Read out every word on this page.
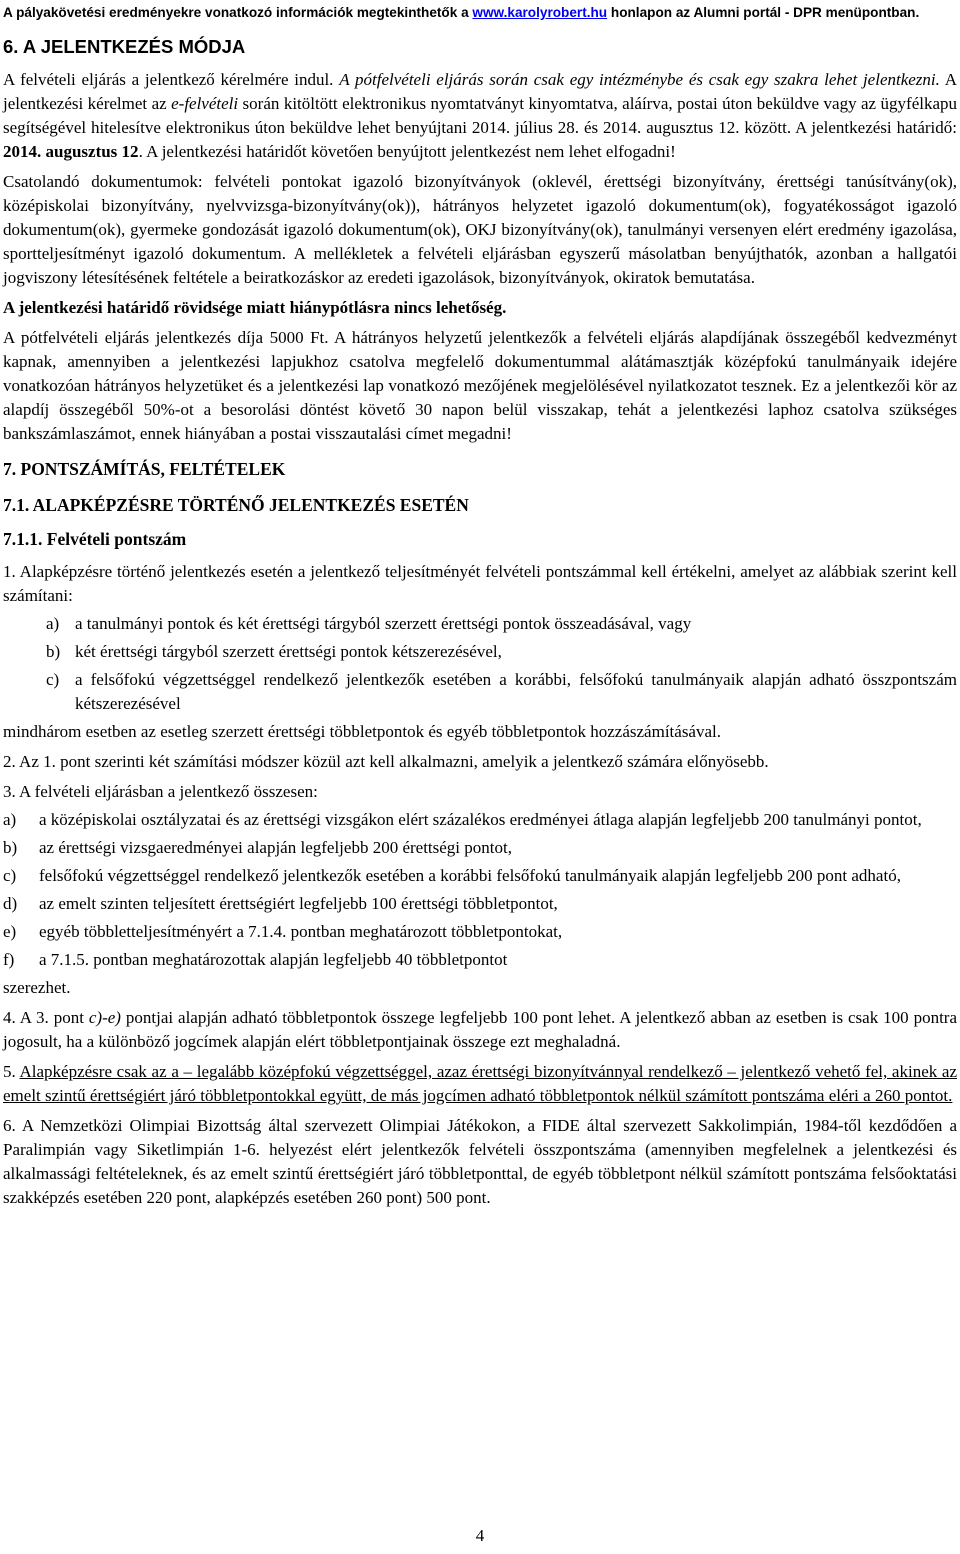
A pályakövetési eredményekre vonatkozó információk megtekinthetők a www.karolyrobert.hu honlapon az Alumni portál - DPR menüpontban.
6. A JELENTKEZÉS MÓDJA

A felvételi eljárás a jelentkező kérelmére indul. A pótfelvételi eljárás során csak egy intézménybe és csak egy szakra lehet jelentkezni. A jelentkezési kérelmet az e-felvételi során kitöltött elektronikus nyomtatványt kinyomtatva, aláírva, postai úton beküldve vagy az ügyfélkapu segítségével hitelesítve elektronikus úton beküldve lehet benyújtani 2014. július 28. és 2014. augusztus 12. között. A jelentkezési határidő: 2014. augusztus 12. A jelentkezési határidőt követően benyújtott jelentkezést nem lehet elfogadni!

Csatolandó dokumentumok: felvételi pontokat igazoló bizonyítványok (oklevél, érettségi bizonyítvány, érettségi tanúsítvány(ok), középiskolai bizonyítvány, nyelvvizsga-bizonyítvány(ok)), hátrányos helyzetet igazoló dokumentum(ok), fogyatékosságot igazoló dokumentum(ok), gyermeke gondozását igazoló dokumentum(ok), OKJ bizonyítvány(ok), tanulmányi versenyen elért eredmény igazolása, sportteljesítményt igazoló dokumentum. A mellékletek a felvételi eljárásban egyszerű másolatban benyújthatók, azonban a hallgatói jogviszony létesítésének feltétele a beiratkozáskor az eredeti igazolások, bizonyítványok, okiratok bemutatása.

A jelentkezési határidő rövidsége miatt hiánypótlásra nincs lehetőség.

A pótfelvételi eljárás jelentkezés díja 5000 Ft. A hátrányos helyzetű jelentkezők a felvételi eljárás alapdíjának összegéből kedvezményt kapnak, amennyiben a jelentkezési lapjukhoz csatolva megfelelő dokumentummal alátámasztják középfokú tanulmányaik idejére vonatkozóan hátrányos helyzetüket és a jelentkezési lap vonatkozó mezőjének megjelölésével nyilatkozatot tesznek. Ez a jelentkezői kör az alapdíj összegéből 50%-ot a besorolási döntést követő 30 napon belül visszakap, tehát a jelentkezési laphoz csatolva szükséges bankszámlaszámot, ennek hiányában a postai visszautalási címet megadni!

7. PONTSZÁMÍTÁS, FELTÉTELEK
7.1. ALAPKÉPZÉSRE TÖRTÉNŐ JELENTKEZÉS ESETÉN
7.1.1. Felvételi pontszám

1. Alapképzésre történő jelentkezés esetén a jelentkező teljesítményét felvételi pontszámmal kell értékelni, amelyet az alábbiak szerint kell számítani:

a) a tanulmányi pontok és két érettségi tárgyból szerzett érettségi pontok összeadásával, vagy
b) két érettségi tárgyból szerzett érettségi pontok kétszerezésével,
c) a felsőfokú végzettséggel rendelkező jelentkezők esetében a korábbi, felsőfokú tanulmányaik alapján adható összpontszám kétszerezésével

mindhárom esetben az esetleg szerzett érettségi többletpontok és egyéb többletpontok hozzászámításával.

2. Az 1. pont szerinti két számítási módszer közül azt kell alkalmazni, amelyik a jelentkező számára előnyösebb.

3. A felvételi eljárásban a jelentkező összesen:

a) a középiskolai osztályzatai és az érettségi vizsgákon elért százalékos eredményei átlaga alapján legfeljebb 200 tanulmányi pontot,
b) az érettségi vizsgaeredményei alapján legfeljebb 200 érettségi pontot,
c) felsőfokú végzettséggel rendelkező jelentkezők esetében a korábbi felsőfokú tanulmányaik alapján legfeljebb 200 pont adható,
d) az emelt szinten teljesített érettségiért legfeljebb 100 érettségi többletpontot,
e) egyéb többletteljesítményért a 7.1.4. pontban meghatározott többletpontokat,
f) a 7.1.5. pontban meghatározottak alapján legfeljebb 40 többletpontot

szerezhet.

4. A 3. pont c)-e) pontjai alapján adható többletpontok összege legfeljebb 100 pont lehet. A jelentkező abban az esetben is csak 100 pontra jogosult, ha a különböző jogcímek alapján elért többletpontjainak összege ezt meghaladná.

5. Alapképzésre csak az a – legalább középfokú végzettséggel, azaz érettségi bizonyítvánnyal rendelkező – jelentkező vehető fel, akinek az emelt szintű érettségiért járó többletpontokkal együtt, de más jogcímen adható többletpontok nélkül számított pontszáma eléri a 260 pontot.

6. A Nemzetközi Olimpiai Bizottság által szervezett Olimpiai Játékokon, a FIDE által szervezett Sakkolimpián, 1984-től kezdődően a Paralimpián vagy Siketlimpián 1-6. helyezést elért jelentkezők felvételi összpontszáma (amennyiben megfelelnek a jelentkezési és alkalmassági feltételeknek, és az emelt szintű érettségiért járó többletponttal, de egyéb többletpont nélkül számított pontszáma felsőoktatási szakképzés esetében 220 pont, alapképzés esetében 260 pont) 500 pont.

4
